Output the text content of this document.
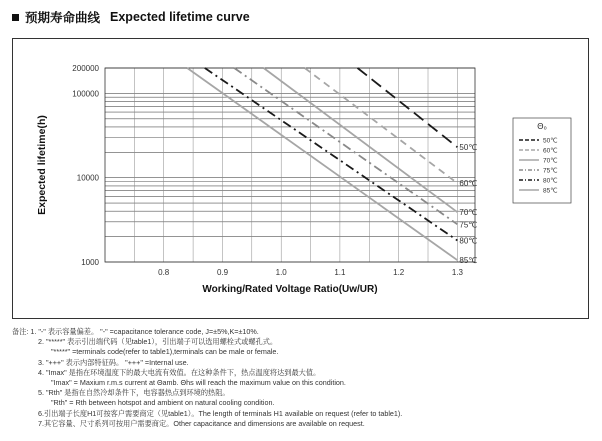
预期寿命曲线 Expected lifetime curve
1000
10000
100000
200000
0.8	0.9	1.0	1.1	1.2	1.3
Working/Rated Voltage Ratio(Uw/UR)
Expected lifetime(h)	50℃
60℃
70℃
75℃
80℃
85℃
Θ₀
50℃
60℃
70℃
75℃
80℃
85℃
备注: 1. "-" 表示容量偏差。 "-" =capacitance tolerance code, J=±5%,K=±10%.
2. "*****" 表示引出端代码（见table1），引出端子可以选用螺栓式或螺孔式。
"*****" =terminals code(refer to table1),terminals can be male or female.
3. "+++" 表示内部特征码。 "+++" =Internal use.
4. "Imax" 是指在环境温度下的最大电流有效值。在这种条件下，热点温度将达到最大值。
"Imax" = Maxium r.m.s current at Θamb. Θhs will reach the maximum value on this condition.
5. "Rth" 是指在自然冷却条件下，电容器热点到环境的热阻。
"Rth" = Rth between hotspot and ambient on natural cooling condition.
6.引出端子长度H1可按客户需要商定（见table1）。The length of terminals H1 available on request (refer to table1).
7.其它容量、尺寸系列可按用户需要商定。Other capacitance and dimensions are available on request.
